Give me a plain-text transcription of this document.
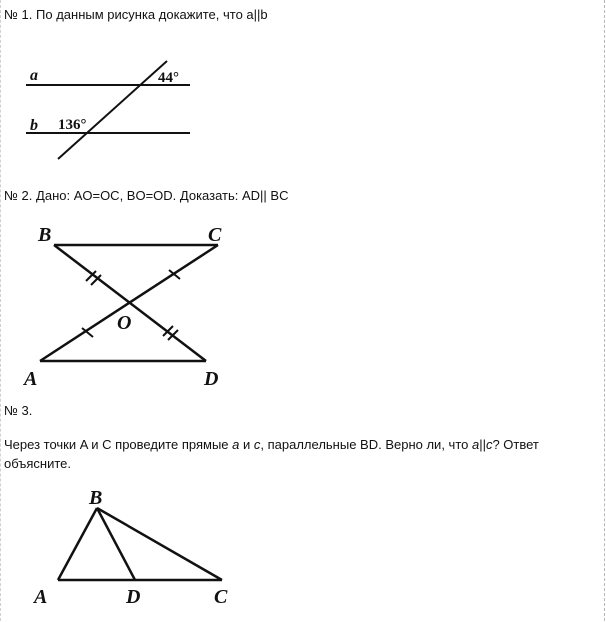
№ 1. По данным рисунка докажите, что a||b
a
b
44°
136°
№ 2. Дано: AO=OC, BO=OD. Доказать: AD|| BC
B	C
O
A	D
№ 3.
Через точки A и C проведите прямые a и c, параллельные BD. Верно ли, что a||c? Ответ
объясните.
B
A	D	C
